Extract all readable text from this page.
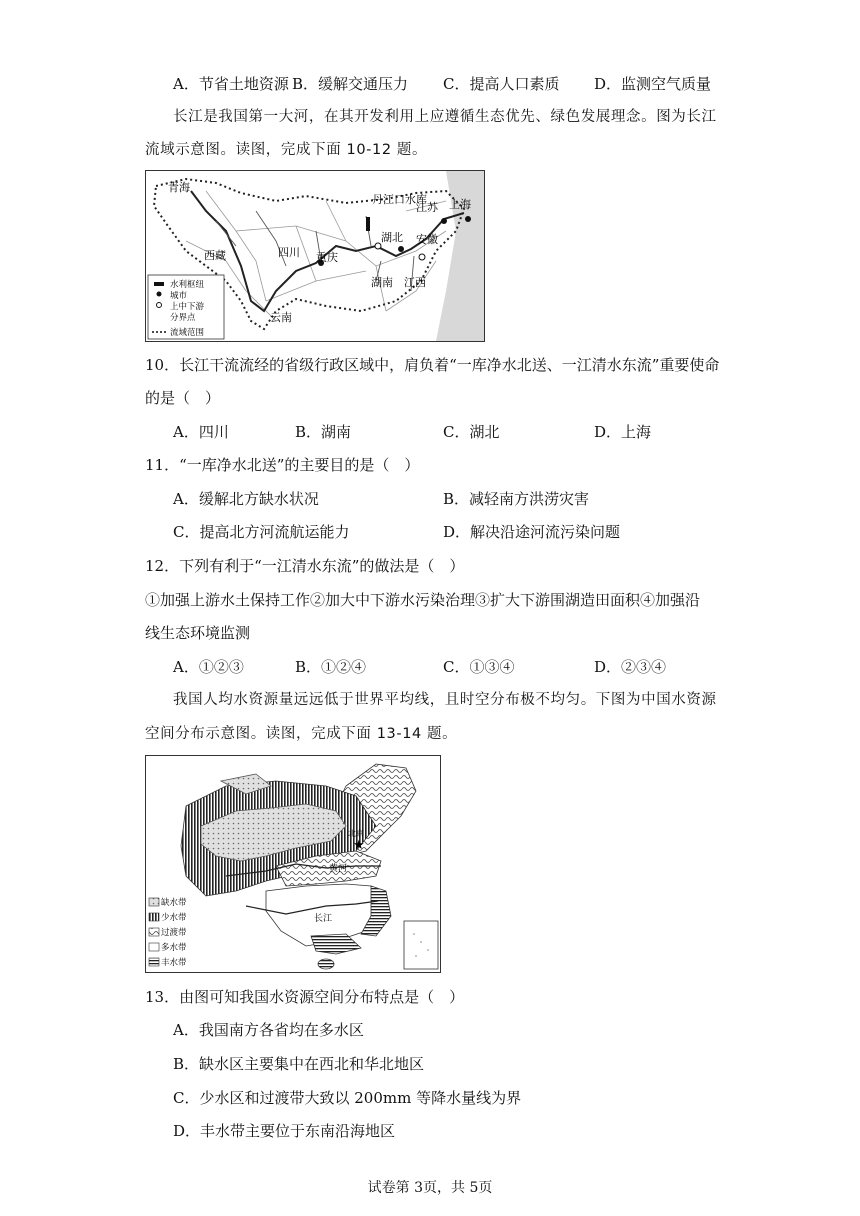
A．节省土地资源 B．缓解交通压力 C．提高人口素质 D．监测空气质量
长江是我国第一大河，在其开发利用上应遵循生态优先、绿色发展理念。图为长江
流域示意图。读图，完成下面 10-12 题。
青海
西藏	四川 重庆
云南
湖北
湖南 江西
安徽
江苏 上海
丹江口水库
水利枢纽
城市
上中下游
分界点
流域范围
10．长江干流流经的省级行政区域中，肩负着“一库净水北送、一江清水东流”重要使命
的是（　）
A．四川	B．湖南	C．湖北	D．上海
11．“一库净水北送”的主要目的是（　）
A．缓解北方缺水状况	B．减轻南方洪涝灾害
C．提高北方河流航运能力	D．解决沿途河流污染问题
12．下列有利于“一江清水东流”的做法是（　）
①加强上游水土保持工作②加大中下游水污染治理③扩大下游围湖造田面积④加强沿
线生态环境监测
A．①②③	B．①②④	C．①③④	D．②③④
我国人均水资源量远远低于世界平均线，且时空分布极不均匀。下图为中国水资源
空间分布示意图。读图，完成下面 13-14 题。
★
缺水带
少水带
过渡带
多水带
丰水带
长江
黄河
北京
13．由图可知我国水资源空间分布特点是（　）
A．我国南方各省均在多水区
B．缺水区主要集中在西北和华北地区
C．少水区和过渡带大致以 200mm 等降水量线为界
D．丰水带主要位于东南沿海地区
试卷第 3页，共 5页
